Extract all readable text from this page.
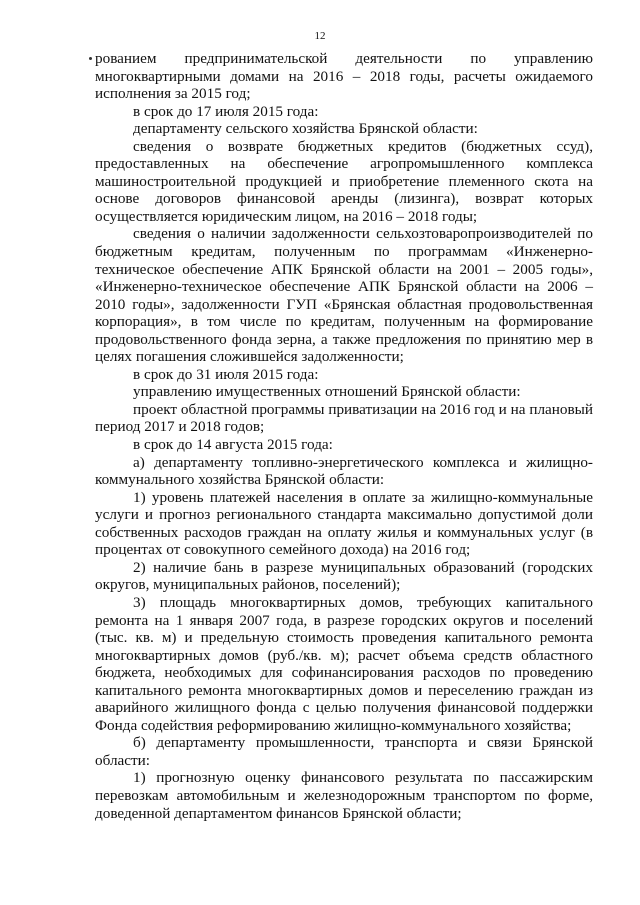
12

рованием предпринимательской деятельности по управлению многоквартирными домами на 2016 – 2018 годы, расчеты ожидаемого исполнения за 2015 год;

в срок до 17 июля 2015 года:

департаменту сельского хозяйства Брянской области:

сведения о возврате бюджетных кредитов (бюджетных ссуд), предоставленных на обеспечение агропромышленного комплекса машиностроительной продукцией и приобретение племенного скота на основе договоров финансовой аренды (лизинга), возврат которых осуществляется юридическим лицом, на 2016 – 2018 годы;

сведения о наличии задолженности сельхозтоваропроизводителей по бюджетным кредитам, полученным по программам «Инженерно-техническое обеспечение АПК Брянской области на 2001 – 2005 годы», «Инженерно-техническое обеспечение АПК Брянской области на 2006 – 2010 годы», задолженности ГУП «Брянская областная продовольственная корпорация», в том числе по кредитам, полученным на формирование продовольственного фонда зерна, а также предложения по принятию мер в целях погашения сложившейся задолженности;

в срок до 31 июля 2015 года:

управлению имущественных отношений Брянской области:

проект областной программы приватизации на 2016 год и на плановый период 2017 и 2018 годов;

в срок до 14 августа 2015 года:

а) департаменту топливно-энергетического комплекса и жилищно-коммунального хозяйства Брянской области:

1) уровень платежей населения в оплате за жилищно-коммунальные услуги и прогноз регионального стандарта максимально допустимой доли собственных расходов граждан на оплату жилья и коммунальных услуг (в процентах от совокупного семейного дохода) на 2016 год;

2) наличие бань в разрезе муниципальных образований (городских округов, муниципальных районов, поселений);

3) площадь многоквартирных домов, требующих капитального ремонта на 1 января 2007 года, в разрезе городских округов и поселений (тыс. кв. м) и предельную стоимость проведения капитального ремонта многоквартирных домов (руб./кв. м); расчет объема средств областного бюджета, необходимых для софинансирования расходов по проведению капитального ремонта многоквартирных домов и переселению граждан из аварийного жилищного фонда с целью получения финансовой поддержки Фонда содействия реформированию жилищно-коммунального хозяйства;

б) департаменту промышленности, транспорта и связи Брянской области:

1) прогнозную оценку финансового результата по пассажирским перевозкам автомобильным и железнодорожным транспортом по форме, доведенной департаментом финансов Брянской области;
